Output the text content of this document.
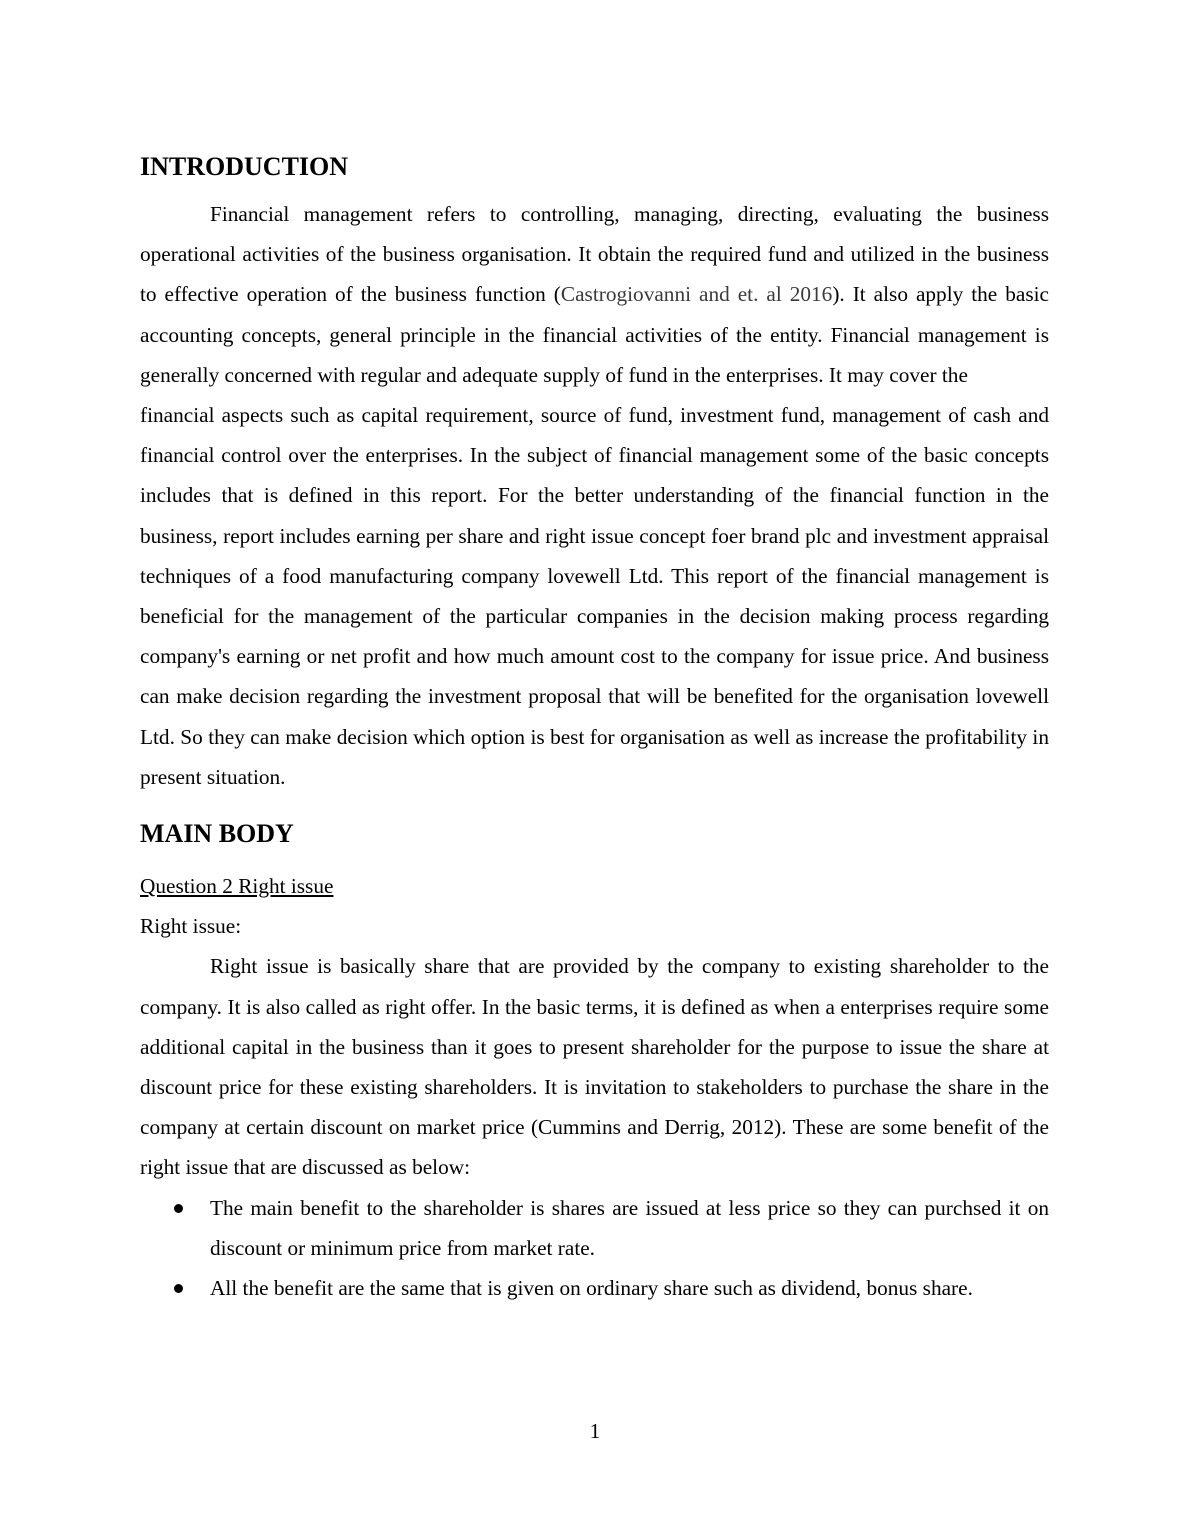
INTRODUCTION

Financial management refers to controlling, managing, directing, evaluating the business operational activities of the business organisation. It obtain the required fund and utilized in the business to effective operation of the business function (Castrogiovanni and et. al 2016). It also apply the basic accounting concepts, general principle in the financial activities of the entity. Financial management is generally concerned with regular and adequate supply of fund in the enterprises. It may cover the

financial aspects such as capital requirement, source of fund, investment fund, management of cash and financial control over the enterprises. In the subject of financial management some of the basic concepts includes that is defined in this report. For the better understanding of the financial function in the business, report includes earning per share and right issue concept foer brand plc and investment appraisal techniques of a food manufacturing company lovewell Ltd. This report of the financial management is beneficial for the management of the particular companies in the decision making process regarding company's earning or net profit and how much amount cost to the company for issue price. And business can make decision regarding the investment proposal that will be benefited for the organisation lovewell Ltd. So they can make decision which option is best for organisation as well as increase the profitability in present situation.

MAIN BODY

Question 2 Right issue

Right issue:

Right issue is basically share that are provided by the company to existing shareholder to the company. It is also called as right offer. In the basic terms, it is defined as when a enterprises require some additional capital in the business than it goes to present shareholder for the purpose to issue the share at discount price for these existing shareholders. It is invitation to stakeholders to purchase the share in the company at certain discount on market price (Cummins and Derrig, 2012). These are some benefit of the right issue that are discussed as below:

The main benefit to the shareholder is shares are issued at less price so they can purchsed it on discount or minimum price from market rate.
All the benefit are the same that is given on ordinary share such as dividend, bonus share.
1
